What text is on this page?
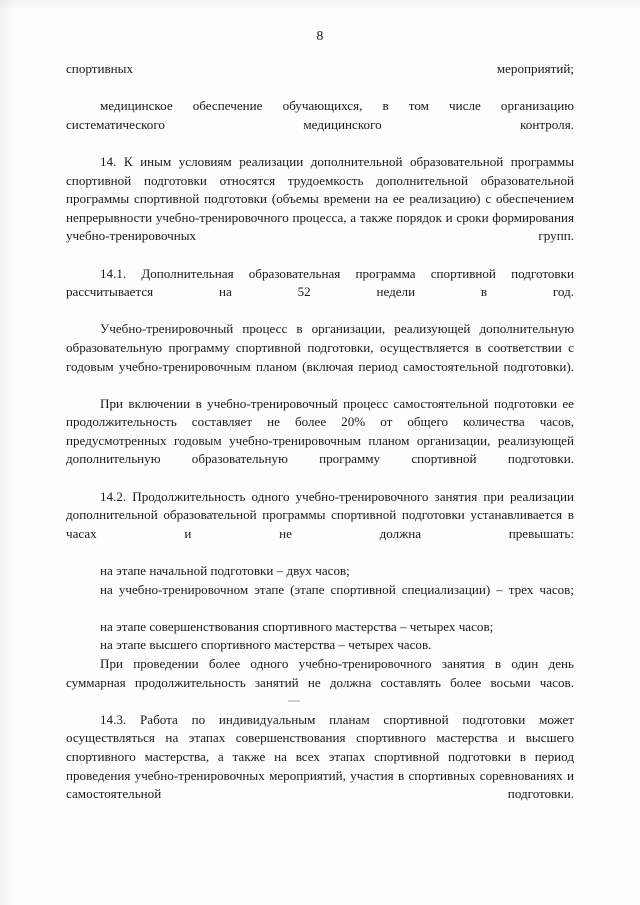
8

спортивных мероприятий;

медицинское обеспечение обучающихся, в том числе организацию систематического медицинского контроля.

14. К иным условиям реализации дополнительной образовательной программы спортивной подготовки относятся трудоемкость дополнительной образовательной программы спортивной подготовки (объемы времени на ее реализацию) с обеспечением непрерывности учебно-тренировочного процесса, а также порядок и сроки формирования учебно-тренировочных групп.

14.1. Дополнительная образовательная программа спортивной подготовки рассчитывается на 52 недели в год.

Учебно-тренировочный процесс в организации, реализующей дополнительную образовательную программу спортивной подготовки, осуществляется в соответствии с годовым учебно-тренировочным планом (включая период самостоятельной подготовки).

При включении в учебно-тренировочный процесс самостоятельной подготовки ее продолжительность составляет не более 20% от общего количества часов, предусмотренных годовым учебно-тренировочным планом организации, реализующей дополнительную образовательную программу спортивной подготовки.

14.2. Продолжительность одного учебно-тренировочного занятия при реализации дополнительной образовательной программы спортивной подготовки устанавливается в часах и не должна превышать:

на этапе начальной подготовки – двух часов;

на учебно-тренировочном этапе (этапе спортивной специализации) – трех часов;

на этапе совершенствования спортивного мастерства – четырех часов;

на этапе высшего спортивного мастерства – четырех часов.

При проведении более одного учебно-тренировочного занятия в один день суммарная продолжительность занятий не должна составлять более восьми часов.

14.3. Работа по индивидуальным планам спортивной подготовки может осуществляться на этапах совершенствования спортивного мастерства и высшего спортивного мастерства, а также на всех этапах спортивной подготовки в период проведения учебно-тренировочных мероприятий, участия в спортивных соревнованиях и самостоятельной подготовки.
